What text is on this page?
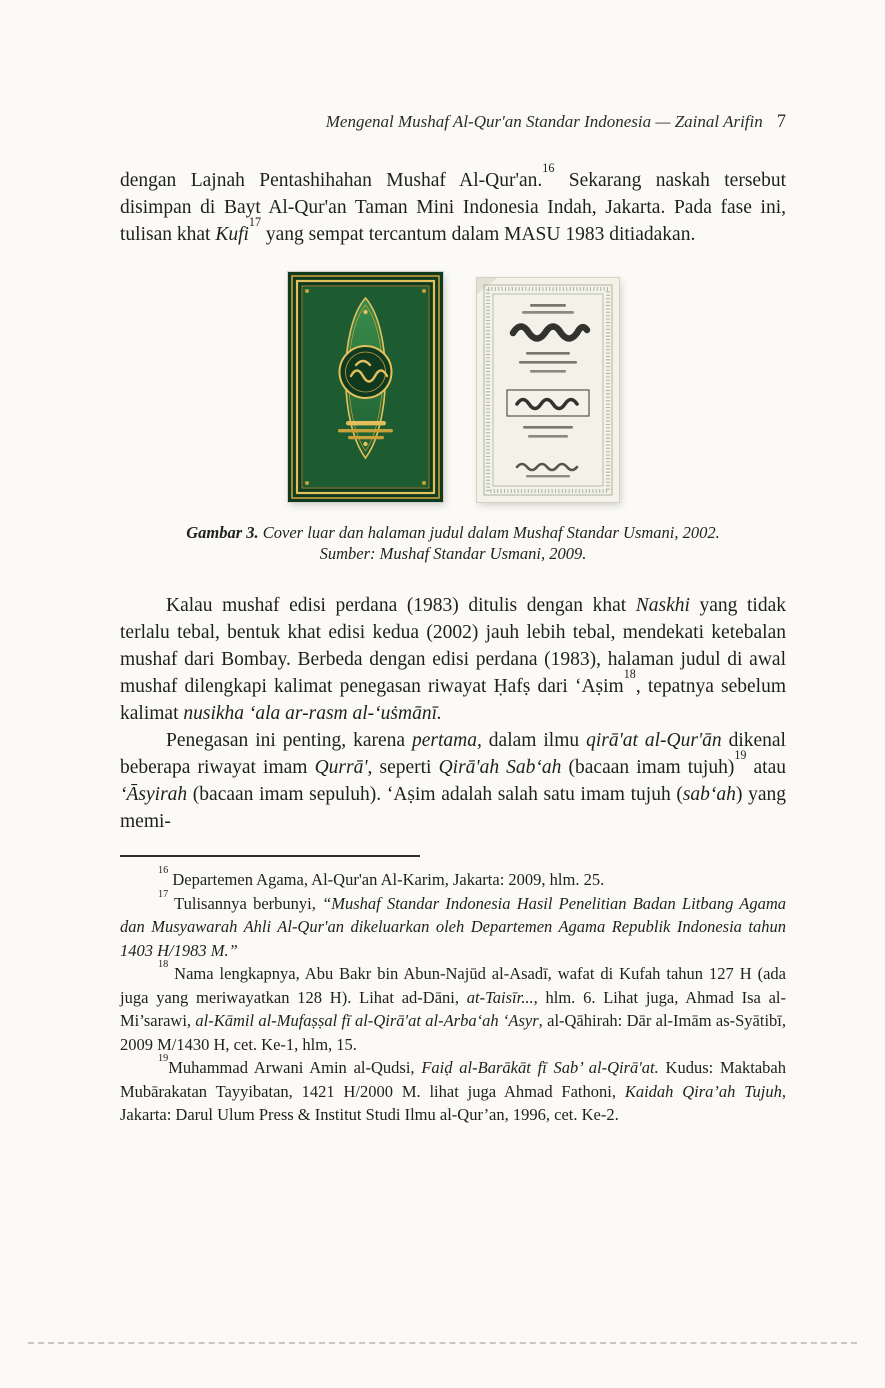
Mengenal Mushaf Al-Qur'an Standar Indonesia — Zainal Arifin 7

dengan Lajnah Pentashihahan Mushaf Al-Qur'an.$^{16}$ Sekarang naskah tersebut disimpan di Bayt Al-Qur'an Taman Mini Indonesia Indah, Jakarta. Pada fase ini, tulisan khat Kufi$^{17}$ yang sempat tercantum dalam MASU 1983 ditiadakan.

Gambar 3. Cover luar dan halaman judul dalam Mushaf Standar Usmani, 2002.
Sumber: Mushaf Standar Usmani, 2009.

Kalau mushaf edisi perdana (1983) ditulis dengan khat Naskhi yang tidak terlalu tebal, bentuk khat edisi kedua (2002) jauh lebih tebal, mendekati ketebalan mushaf dari Bombay. Berbeda dengan edisi perdana (1983), halaman judul di awal mushaf dilengkapi kalimat penegasan riwayat Ḥafṣ dari ‘Aṣim$^{18}$, tepatnya sebelum kalimat nusikha ‘ala ar-rasm al-‘uṡmānī.

Penegasan ini penting, karena pertama, dalam ilmu qirā'at al-Qur'ān dikenal beberapa riwayat imam Qurrā', seperti Qirā'ah Sab‘ah (bacaan imam tujuh)$^{19}$ atau ‘Āsyirah (bacaan imam sepuluh). ‘Aṣim adalah salah satu imam tujuh (sab‘ah) yang memi-

$^{16}$ Departemen Agama, Al-Qur'an Al-Karim, Jakarta: 2009, hlm. 25.

$^{17}$ Tulisannya berbunyi, “Mushaf Standar Indonesia Hasil Penelitian Badan Litbang Agama dan Musyawarah Ahli Al-Qur'an dikeluarkan oleh Departemen Agama Republik Indonesia tahun 1403 H/1983 M.”

$^{18}$ Nama lengkapnya, Abu Bakr bin Abun-Najūd al-Asadī, wafat di Kufah tahun 127 H (ada juga yang meriwayatkan 128 H). Lihat ad-Dāni, at-Taisīr..., hlm. 6. Lihat juga, Ahmad Isa al-Mi’sarawi, al-Kāmil al-Mufaṣṣal fī al-Qirā'at al-Arba‘ah ‘Asyr, al-Qāhirah: Dār al-Imām as-Syātibī, 2009 M/1430 H, cet. Ke-1, hlm, 15.

$^{19}$Muhammad Arwani Amin al-Qudsi, Faiḍ al-Barākāt fī Sab’ al-Qirā'at. Kudus: Maktabah Mubārakatan Tayyibatan, 1421 H/2000 M. lihat juga Ahmad Fathoni, Kaidah Qira’ah Tujuh, Jakarta: Darul Ulum Press & Institut Studi Ilmu al-Qur’an, 1996, cet. Ke-2.
